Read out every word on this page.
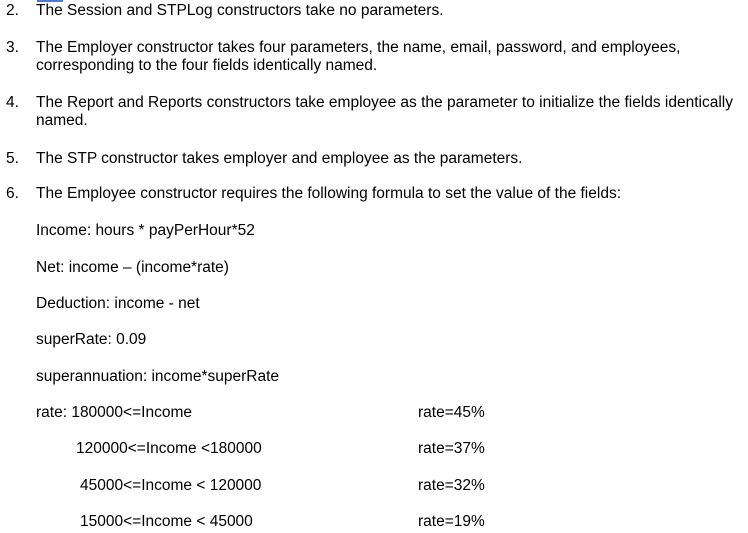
2. The Session and STPLog constructors take no parameters.
3. The Employer constructor takes four parameters, the name, email, password, and employees, corresponding to the four fields identically named.
4. The Report and Reports constructors take employee as the parameter to initialize the fields identically named.
5. The STP constructor takes employer and employee as the parameters.
6. The Employee constructor requires the following formula to set the value of the fields:
Income: hours * payPerHour*52
Net: income – (income*rate)
Deduction: income - net
superRate: 0.09
superannuation: income*superRate
rate: 180000<=Income	rate=45%
120000<=Income <180000	rate=37%
45000<=Income < 120000	rate=32%
15000<=Income < 45000	rate=19%
